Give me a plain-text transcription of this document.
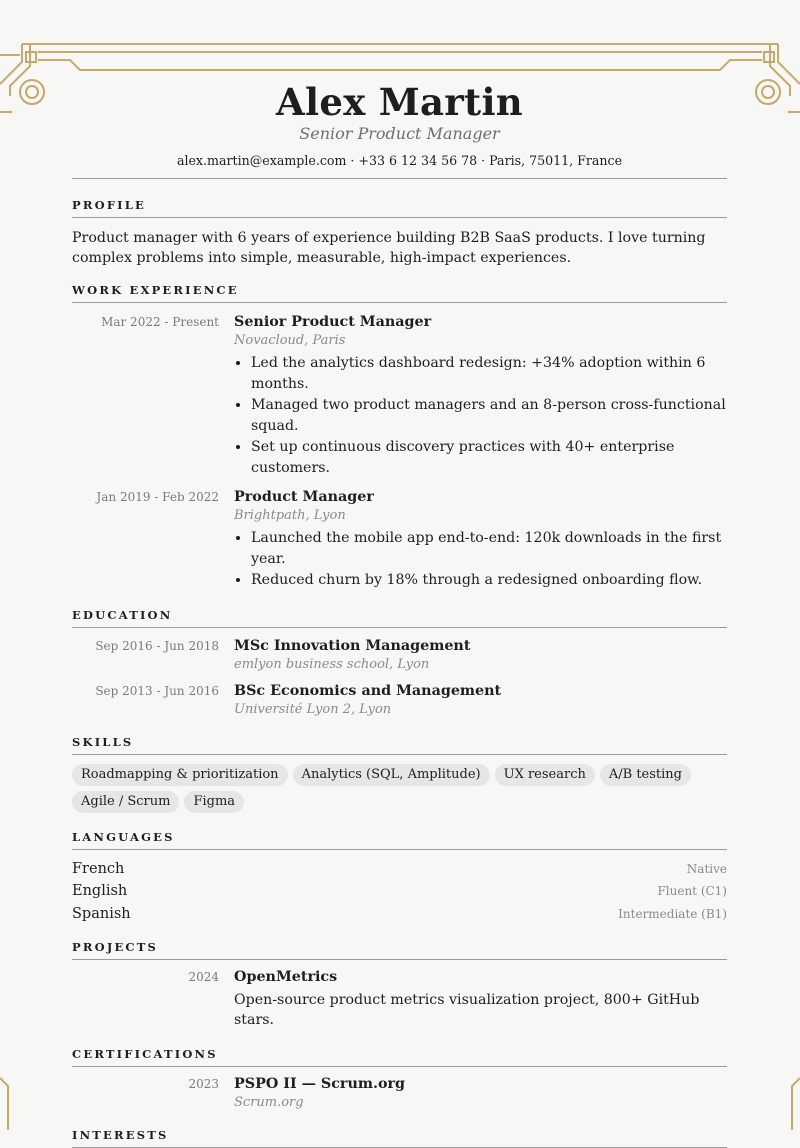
Alex Martin
Senior Product Manager
alex.martin@example.com · +33 6 12 34 56 78 · Paris, 75011, France
PROFILE

Product manager with 6 years of experience building B2B SaaS products. I love turning complex problems into simple, measurable, high-impact experiences.

WORK EXPERIENCE
Mar 2022 - Present	Senior Product Manager
Novacloud, Paris
• Led the analytics dashboard redesign: +34% adoption within 6 months.
• Managed two product managers and an 8-person cross-functional squad.
• Set up continuous discovery practices with 40+ enterprise customers.
Jan 2019 - Feb 2022	Product Manager
Brightpath, Lyon
• Launched the mobile app end-to-end: 120k downloads in the first year.
• Reduced churn by 18% through a redesigned onboarding flow.
EDUCATION
Sep 2016 - Jun 2018	MSc Innovation Management
emlyon business school, Lyon
Sep 2013 - Jun 2016	BSc Economics and Management
Université Lyon 2, Lyon
SKILLS
Roadmapping & prioritization	Analytics (SQL, Amplitude)	UX research	A/B testing
Agile / Scrum	Figma
LANGUAGES
French	Native
English	Fluent (C1)
Spanish	Intermediate (B1)
PROJECTS
2024	OpenMetrics
Open-source product metrics visualization project, 800+ GitHub stars.
CERTIFICATIONS
2023	PSPO II — Scrum.org
Scrum.org
INTERESTS
